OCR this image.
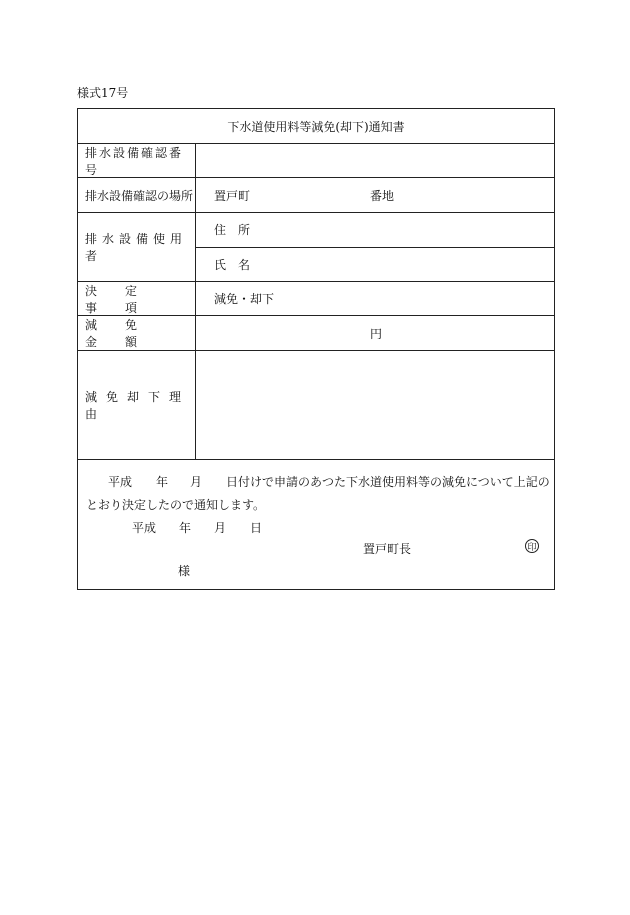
様式17号
下水道使用料等減免(却下)通知書
排水設備確認番号
排水設備確認の場所 置戸町	番地
排水設備使用者
住　所
氏　名
決定事項
減免・却下
減免金額
円
減免却下理由
平成 年 月 日付けで申請のあつた下水道使用料等の減免について上記の
とおり決定したので通知します。
平成 年 月 日
置戸町長	印
様
